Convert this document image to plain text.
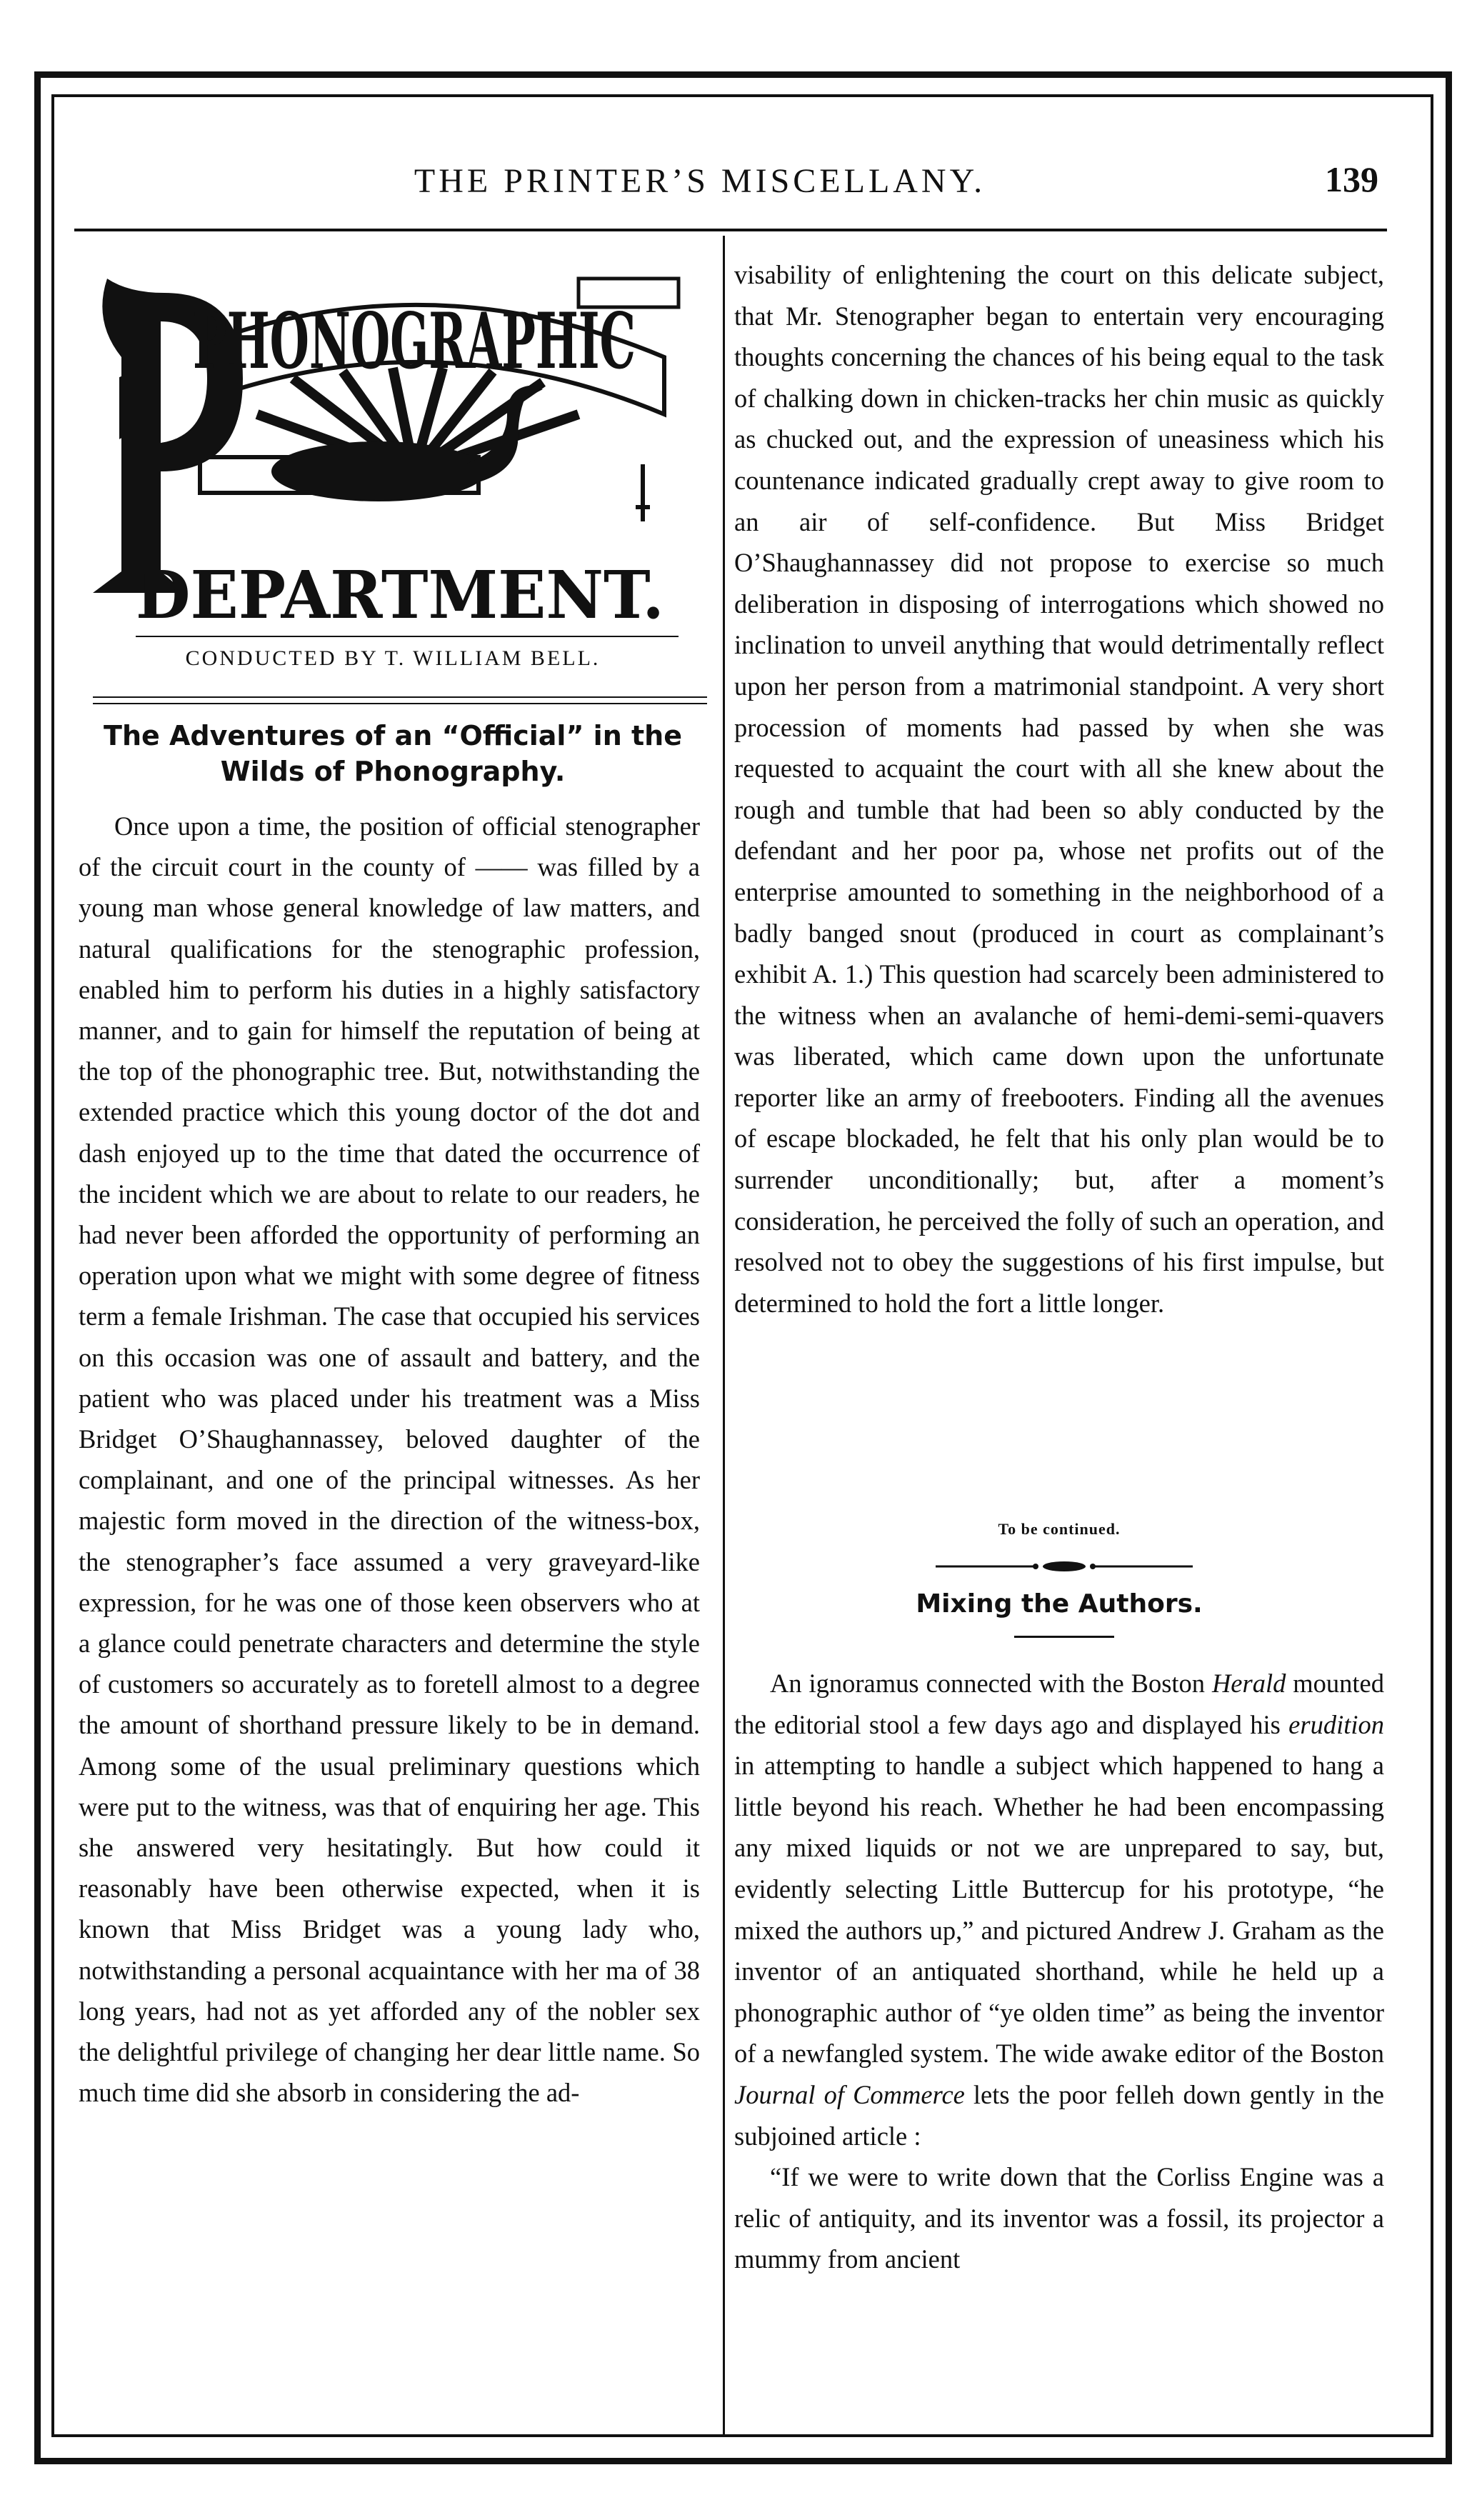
THE PRINTER’S MISCELLANY.	139
PHONOGRAPHIC
DEPARTMENT.
CONDUCTED BY T. WILLIAM BELL.
The Adventures of an “Official” in the Wilds of Phonography.

Once upon a time, the position of official stenographer of the circuit court in the county of —— was filled by a young man whose general knowledge of law matters, and natural qualifications for the stenographic profession, enabled him to perform his duties in a highly satisfactory manner, and to gain for himself the reputation of being at the top of the phonographic tree. But, notwithstanding the extended practice which this young doctor of the dot and dash enjoyed up to the time that dated the occurrence of the incident which we are about to relate to our readers, he had never been afforded the opportunity of performing an operation upon what we might with some degree of fitness term a female Irishman. The case that occupied his services on this occasion was one of assault and battery, and the patient who was placed under his treatment was a Miss Bridget O’Shaughannassey, beloved daughter of the complainant, and one of the principal witnesses. As her majestic form moved in the direction of the witness-box, the stenographer’s face assumed a very graveyard-like expression, for he was one of those keen observers who at a glance could penetrate characters and determine the style of customers so accurately as to foretell almost to a degree the amount of shorthand pressure likely to be in demand. Among some of the usual preliminary questions which were put to the witness, was that of enquiring her age. This she answered very hesitatingly. But how could it reasonably have been otherwise expected, when it is known that Miss Bridget was a young lady who, notwithstanding a personal acquaintance with her ma of 38 long years, had not as yet afforded any of the nobler sex the delightful privilege of changing her dear little name. So much time did she absorb in considering the ad-

visability of enlightening the court on this delicate subject, that Mr. Stenographer began to entertain very encouraging thoughts concerning the chances of his being equal to the task of chalking down in chicken-tracks her chin music as quickly as chucked out, and the expression of uneasiness which his countenance indicated gradually crept away to give room to an air of self-confidence. But Miss Bridget O’Shaughannassey did not propose to exercise so much deliberation in disposing of interrogations which showed no inclination to unveil anything that would detrimentally reflect upon her person from a matrimonial standpoint. A very short procession of moments had passed by when she was requested to acquaint the court with all she knew about the rough and tumble that had been so ably conducted by the defendant and her poor pa, whose net profits out of the enterprise amounted to something in the neighborhood of a badly banged snout (produced in court as complainant’s exhibit A. 1.) This question had scarcely been administered to the witness when an avalanche of hemi-demi-semi-quavers was liberated, which came down upon the unfortunate reporter like an army of freebooters. Finding all the avenues of escape blockaded, he felt that his only plan would be to surrender unconditionally; but, after a moment’s consideration, he perceived the folly of such an operation, and resolved not to obey the suggestions of his first impulse, but determined to hold the fort a little longer.

To be continued.
Mixing the Authors.

An ignoramus connected with the Boston Herald mounted the editorial stool a few days ago and displayed his erudition in attempting to handle a subject which happened to hang a little beyond his reach. Whether he had been encompassing any mixed liquids or not we are unprepared to say, but, evidently selecting Little Buttercup for his prototype, “he mixed the authors up,” and pictured Andrew J. Graham as the inventor of an antiquated shorthand, while he held up a phonographic author of “ye olden time” as being the inventor of a newfangled system. The wide awake editor of the Boston Journal of Commerce lets the poor felleh down gently in the subjoined article :

“If we were to write down that the Corliss Engine was a relic of antiquity, and its inventor was a fossil, its projector a mummy from ancient
